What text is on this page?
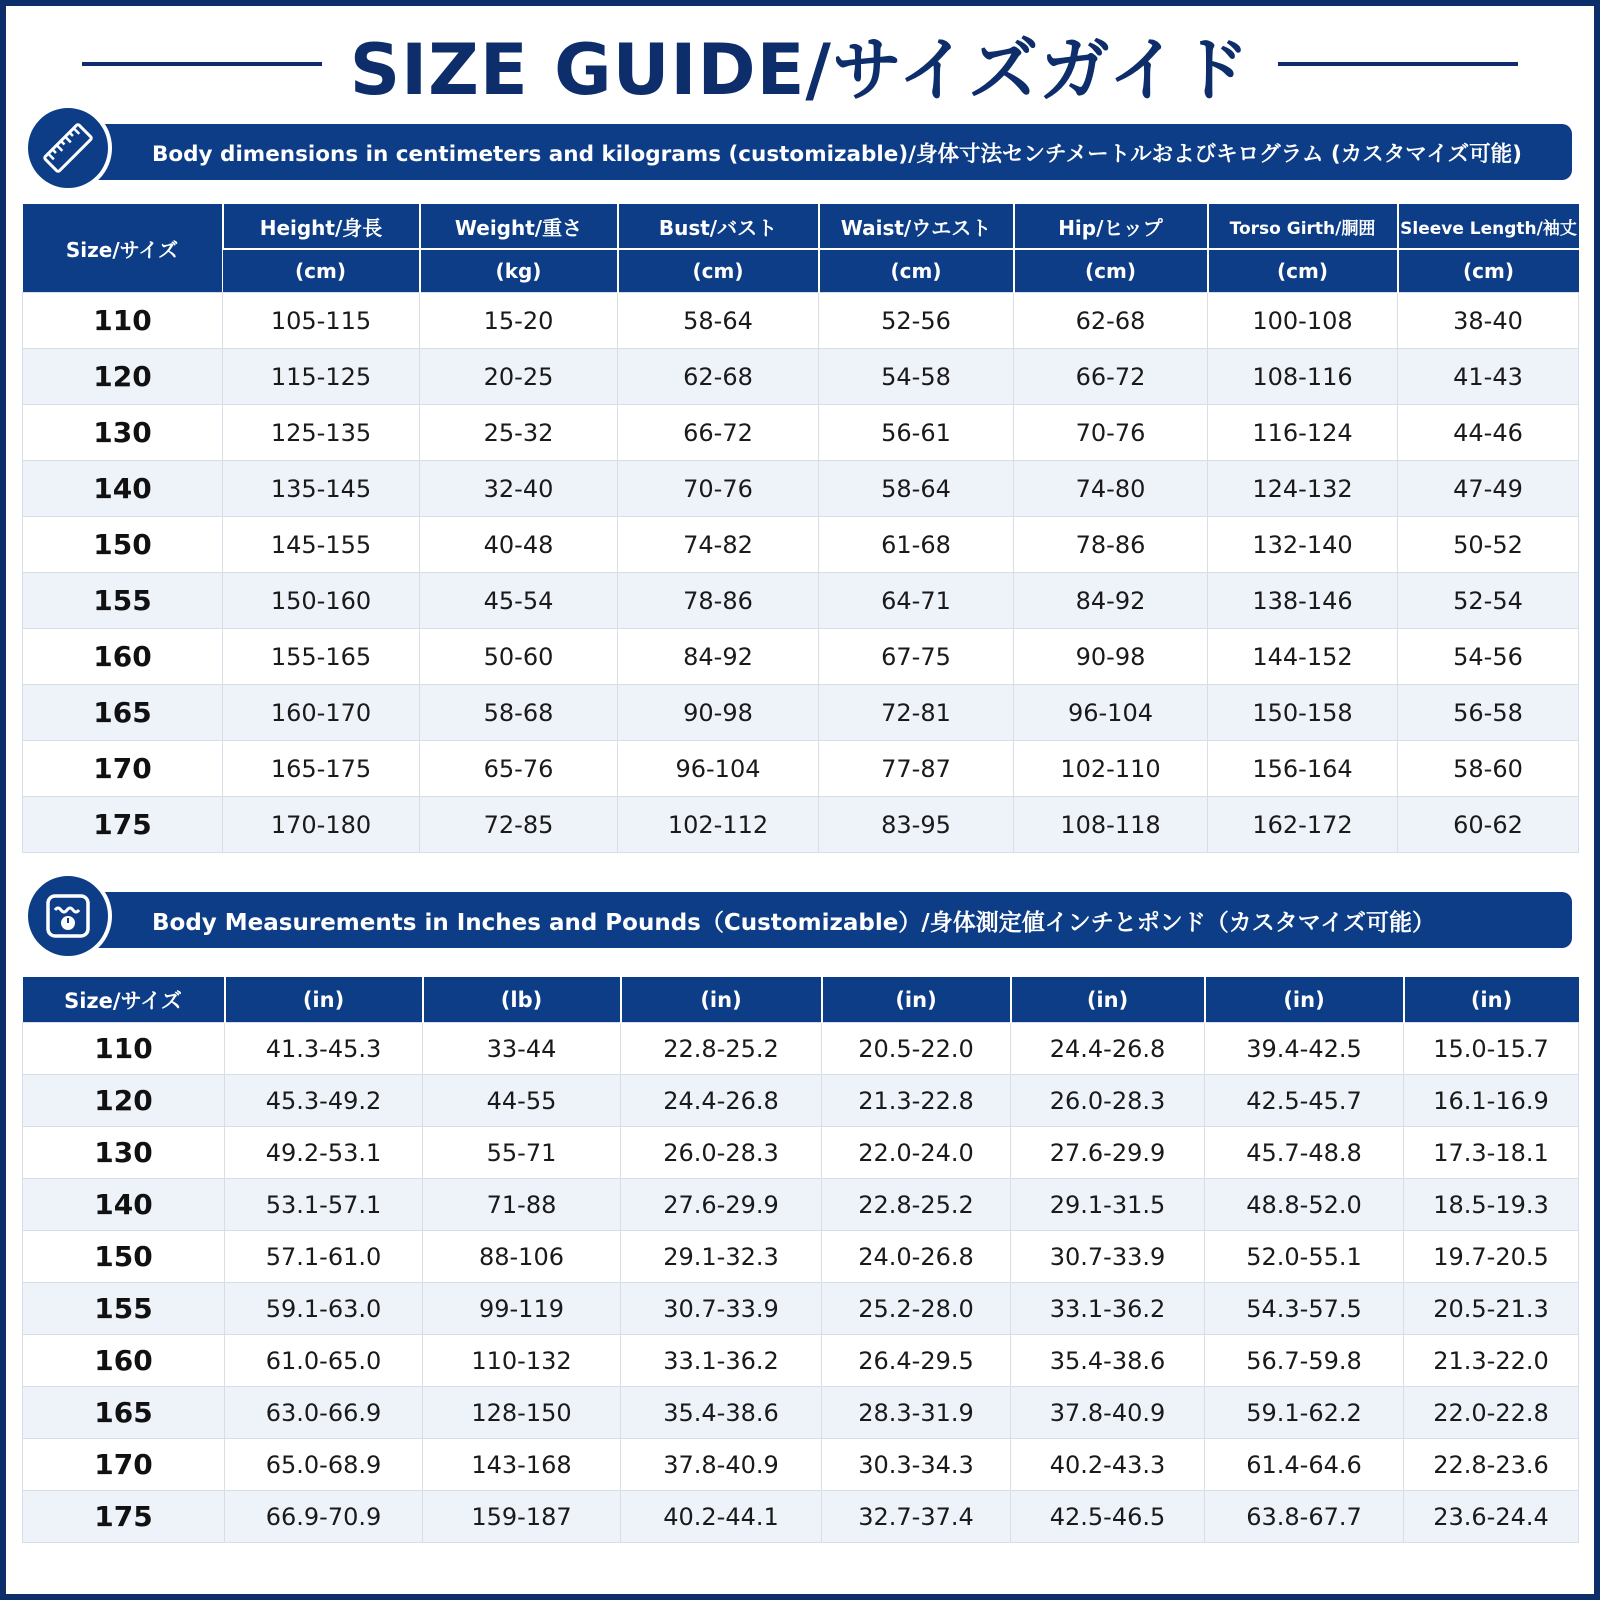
SIZE GUIDE/サイズガイド
Body dimensions in centimeters and kilograms (customizable)/身体寸法センチメートルおよびキログラム (カスタマイズ可能)
Size/サイズ	Height/身長	Weight/重さ	Bust/バスト	Waist/ウエスト	Hip/ヒップ	Torso Girth/胴囲	Sleeve Length/袖丈
	(cm)	(kg)	(cm)	(cm)	(cm)	(cm)	(cm)
110	105-115	15-20	58-64	52-56	62-68	100-108	38-40
120	115-125	20-25	62-68	54-58	66-72	108-116	41-43
130	125-135	25-32	66-72	56-61	70-76	116-124	44-46
140	135-145	32-40	70-76	58-64	74-80	124-132	47-49
150	145-155	40-48	74-82	61-68	78-86	132-140	50-52
155	150-160	45-54	78-86	64-71	84-92	138-146	52-54
160	155-165	50-60	84-92	67-75	90-98	144-152	54-56
165	160-170	58-68	90-98	72-81	96-104	150-158	56-58
170	165-175	65-76	96-104	77-87	102-110	156-164	58-60
175	170-180	72-85	102-112	83-95	108-118	162-172	60-62
Body Measurements in Inches and Pounds（Customizable）/身体測定値インチとポンド（カスタマイズ可能）
Size/サイズ	(in)	(lb)	(in)	(in)	(in)	(in)	(in)
110	41.3-45.3	33-44	22.8-25.2	20.5-22.0	24.4-26.8	39.4-42.5	15.0-15.7
120	45.3-49.2	44-55	24.4-26.8	21.3-22.8	26.0-28.3	42.5-45.7	16.1-16.9
130	49.2-53.1	55-71	26.0-28.3	22.0-24.0	27.6-29.9	45.7-48.8	17.3-18.1
140	53.1-57.1	71-88	27.6-29.9	22.8-25.2	29.1-31.5	48.8-52.0	18.5-19.3
150	57.1-61.0	88-106	29.1-32.3	24.0-26.8	30.7-33.9	52.0-55.1	19.7-20.5
155	59.1-63.0	99-119	30.7-33.9	25.2-28.0	33.1-36.2	54.3-57.5	20.5-21.3
160	61.0-65.0	110-132	33.1-36.2	26.4-29.5	35.4-38.6	56.7-59.8	21.3-22.0
165	63.0-66.9	128-150	35.4-38.6	28.3-31.9	37.8-40.9	59.1-62.2	22.0-22.8
170	65.0-68.9	143-168	37.8-40.9	30.3-34.3	40.2-43.3	61.4-64.6	22.8-23.6
175	66.9-70.9	159-187	40.2-44.1	32.7-37.4	42.5-46.5	63.8-67.7	23.6-24.4
